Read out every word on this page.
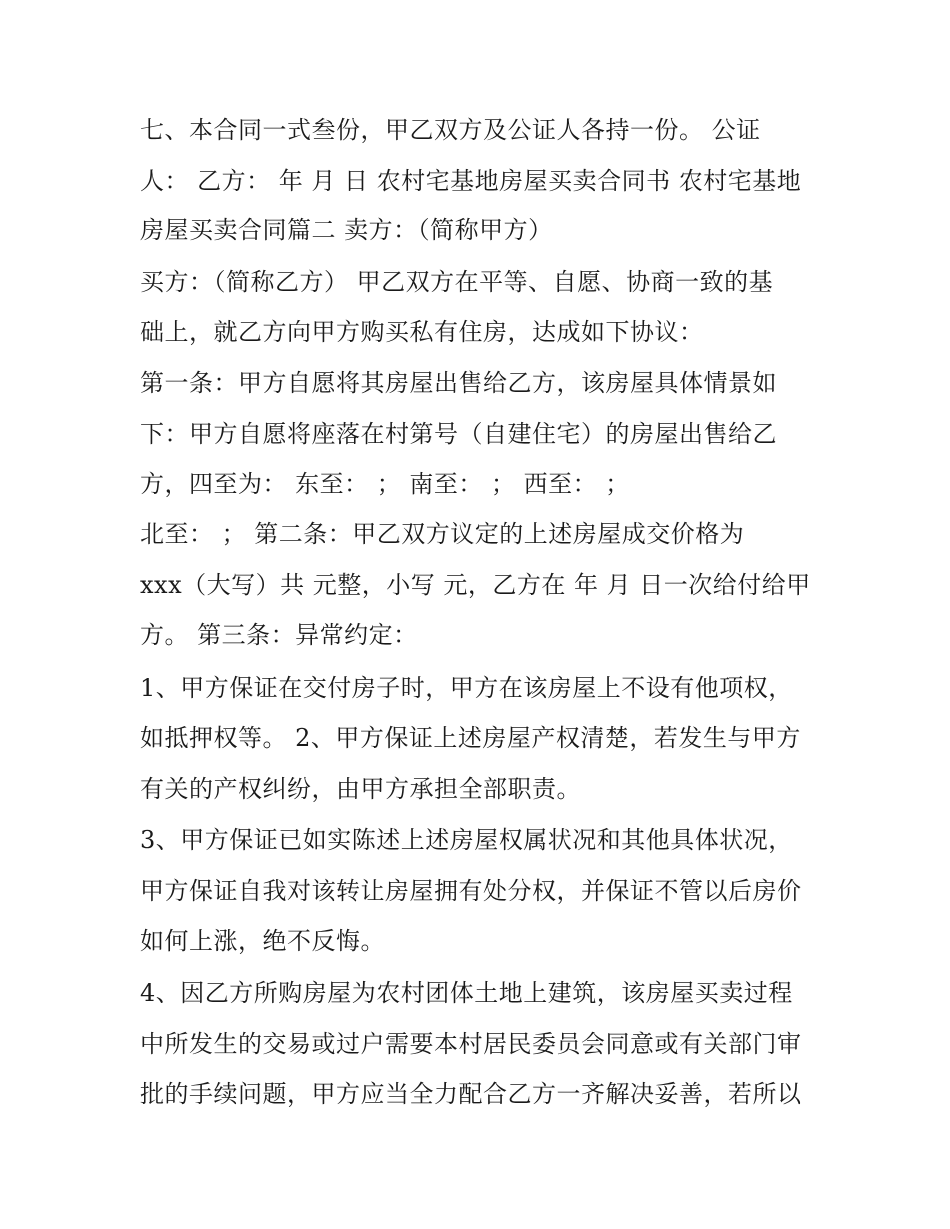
七、本合同一式叁份，甲乙双方及公证人各持一份。 公证
人： 乙方： 年 月 日 农村宅基地房屋买卖合同书 农村宅基地
房屋买卖合同篇二 卖方：（简称甲方）
买方：（简称乙方） 甲乙双方在平等、自愿、协商一致的基
础上，就乙方向甲方购买私有住房，达成如下协议：
第一条：甲方自愿将其房屋出售给乙方，该房屋具体情景如
下：甲方自愿将座落在村第号（自建住宅）的房屋出售给乙
方，四至为： 东至： ； 南至： ； 西至： ；
北至： ； 第二条：甲乙双方议定的上述房屋成交价格为
xxx（大写）共 元整，小写 元，乙方在 年 月 日一次给付给甲
方。 第三条：异常约定：
1、甲方保证在交付房子时，甲方在该房屋上不设有他项权，
如抵押权等。 2、甲方保证上述房屋产权清楚，若发生与甲方
有关的产权纠纷，由甲方承担全部职责。
3、甲方保证已如实陈述上述房屋权属状况和其他具体状况，
甲方保证自我对该转让房屋拥有处分权，并保证不管以后房价
如何上涨，绝不反悔。
4、因乙方所购房屋为农村团体土地上建筑，该房屋买卖过程
中所发生的交易或过户需要本村居民委员会同意或有关部门审
批的手续问题，甲方应当全力配合乙方一齐解决妥善，若所以
